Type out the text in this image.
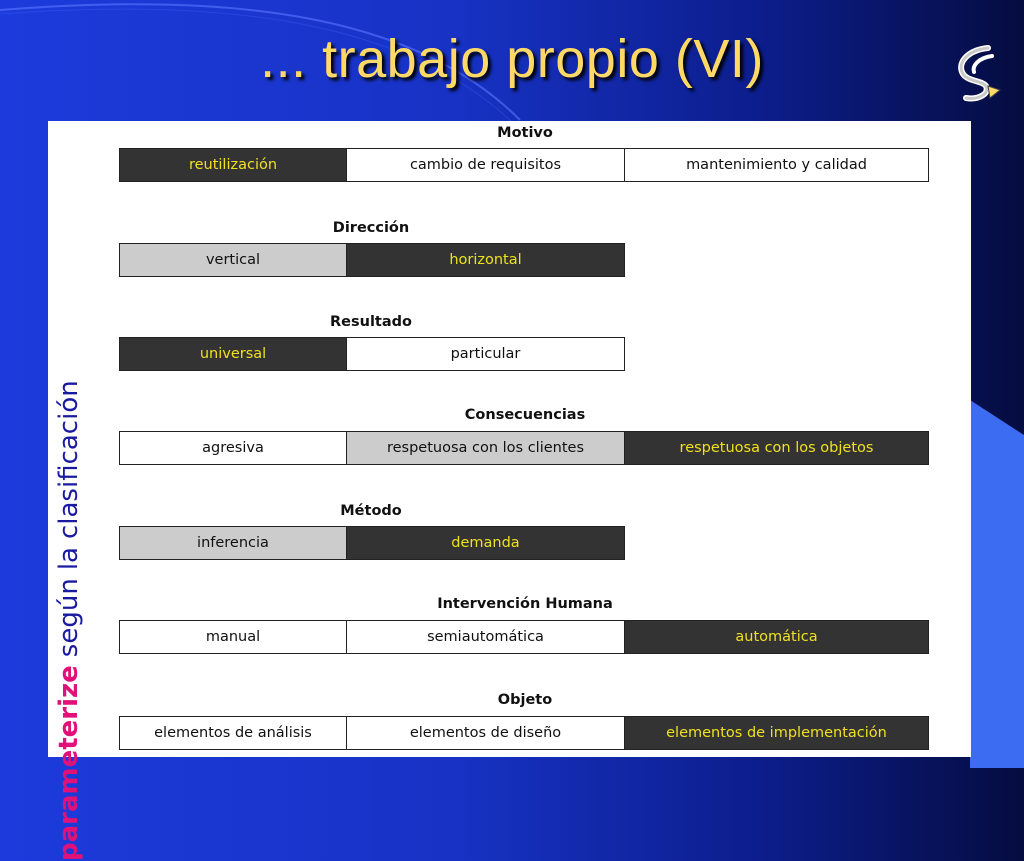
... trabajo propio (VI)
parameterizesegúnlaclasificación
Motivo
reutilización	cambio de requisitos	mantenimiento y calidad
Dirección
vertical	horizontal
Resultado
universal	particular
Consecuencias
agresiva	respetuosa con los clientes	respetuosa con los objetos
Método
inferencia	demanda
Intervención Humana
manual	semiautomática	automática
Objeto
elementos de análisis	elementos de diseño	elementos de implementación
